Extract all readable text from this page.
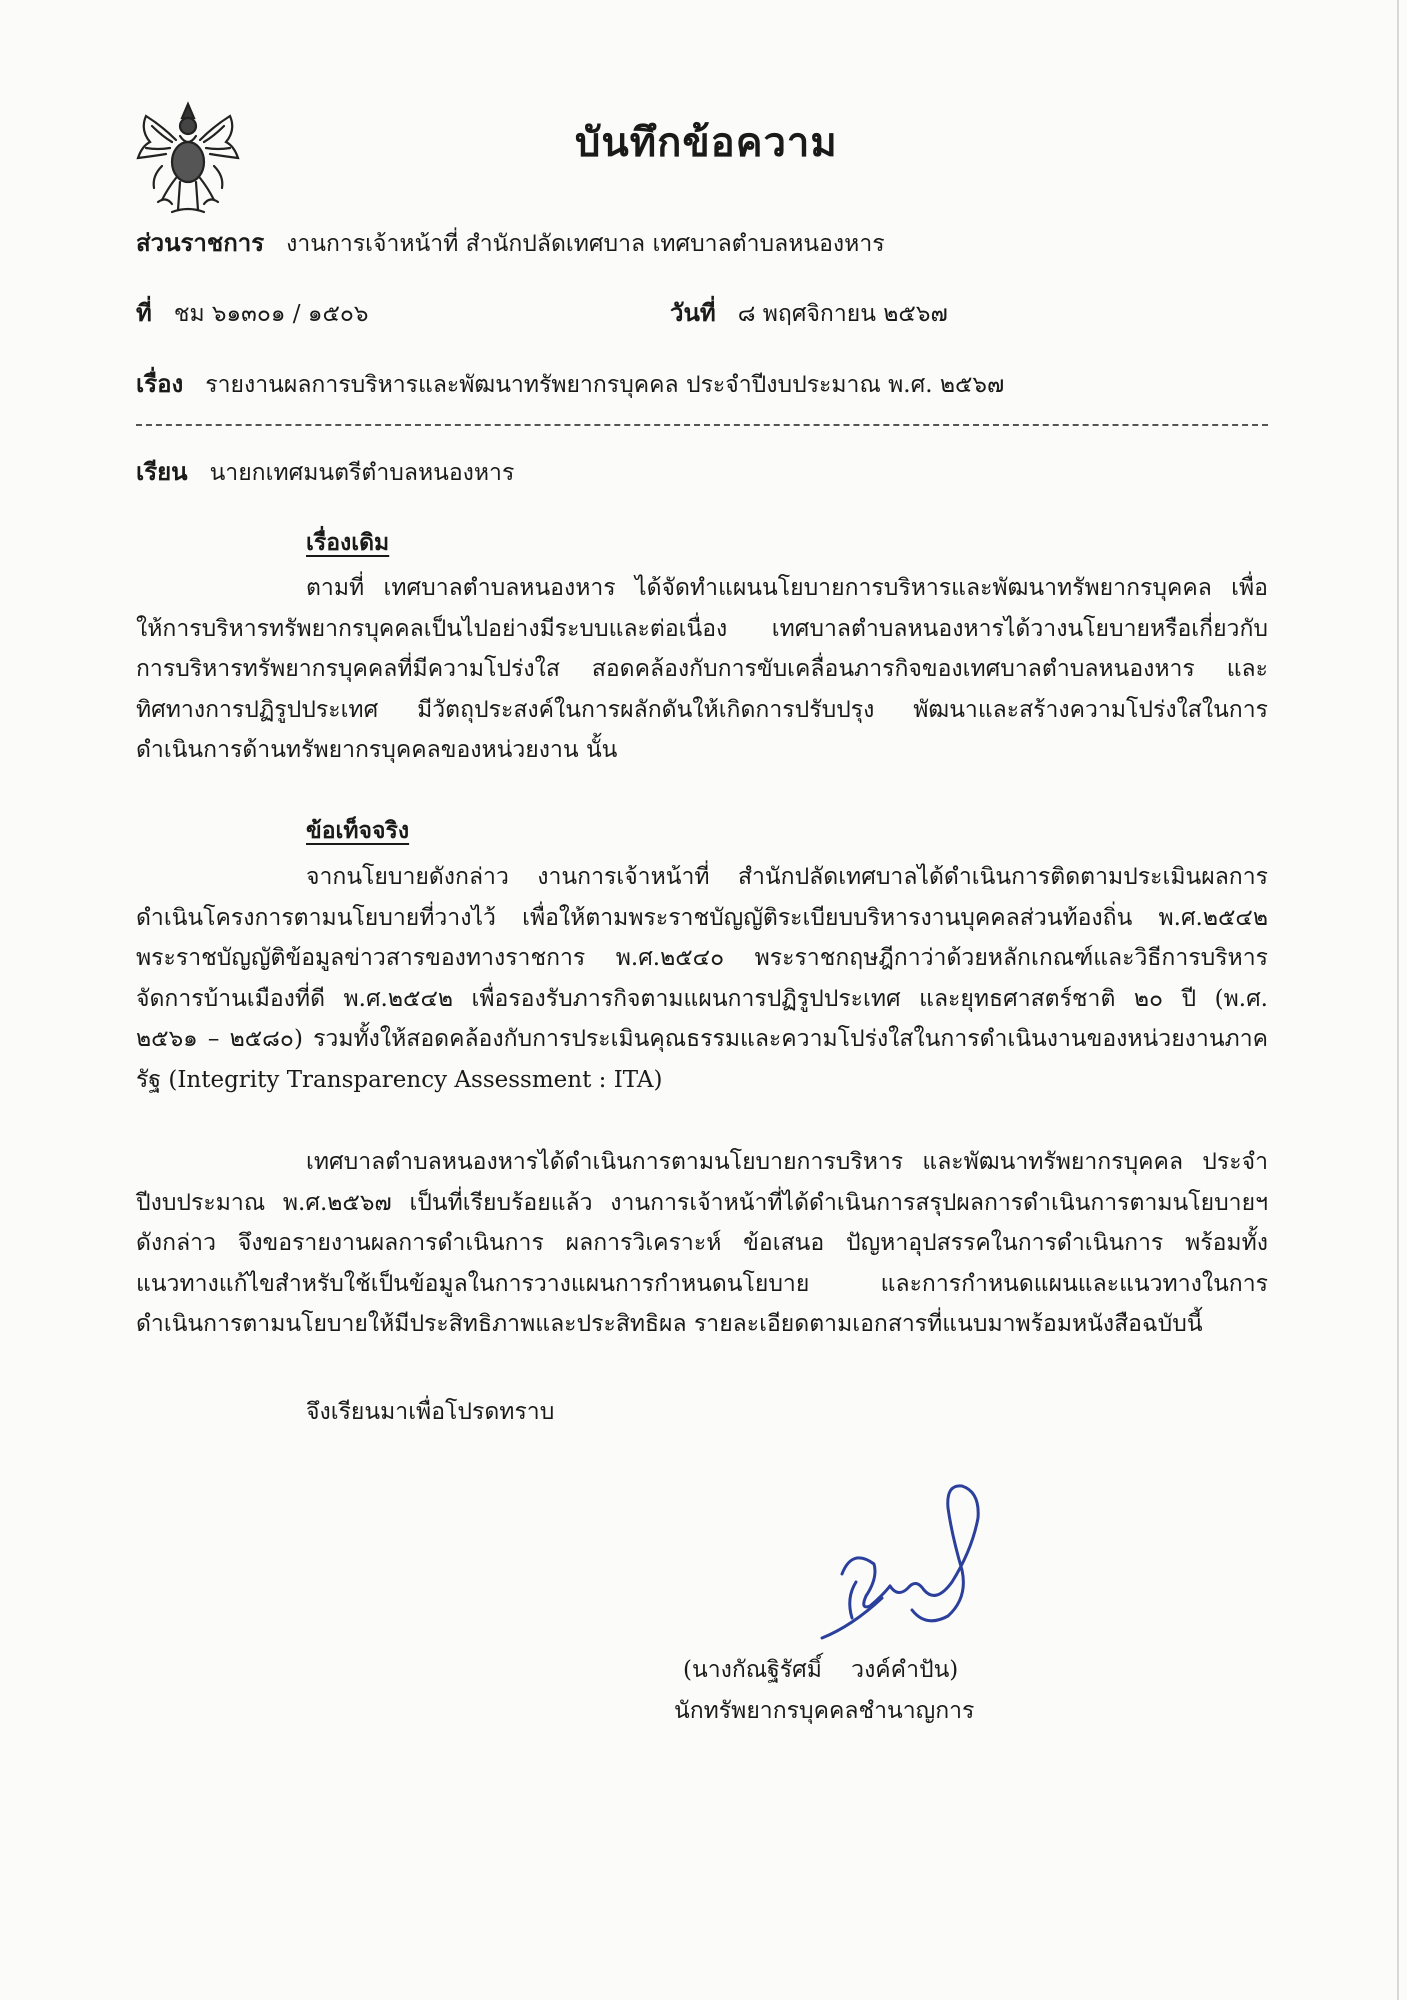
บันทึกข้อความ
ส่วนราชการ งานการเจ้าหน้าที่ สำนักปลัดเทศบาล เทศบาลตำบลหนองหาร
ที่ ชม ๖๑๓๐๑ / ๑๕๐๖	วันที่ ๘ พฤศจิกายน ๒๕๖๗
เรื่อง รายงานผลการบริหารและพัฒนาทรัพยากรบุคคล ประจำปีงบประมาณ พ.ศ. ๒๕๖๗
เรียน นายกเทศมนตรีตำบลหนองหาร
เรื่องเดิม

ตามที่ เทศบาลตำบลหนองหาร ได้จัดทำแผนนโยบายการบริหารและพัฒนาทรัพยากรบุคคล เพื่อให้การบริหารทรัพยากรบุคคลเป็นไปอย่างมีระบบและต่อเนื่อง เทศบาลตำบลหนองหารได้วางนโยบายหรือเกี่ยวกับการบริหารทรัพยากรบุคคลที่มีความโปร่งใส สอดคล้องกับการขับเคลื่อนภารกิจของเทศบาลตำบลหนองหาร และทิศทางการปฏิรูปประเทศ มีวัตถุประสงค์ในการผลักดันให้เกิดการปรับปรุง พัฒนาและสร้างความโปร่งใสในการดำเนินการด้านทรัพยากรบุคคลของหน่วยงาน นั้น

ข้อเท็จจริง

จากนโยบายดังกล่าว งานการเจ้าหน้าที่ สำนักปลัดเทศบาลได้ดำเนินการติดตามประเมินผลการดำเนินโครงการตามนโยบายที่วางไว้ เพื่อให้ตามพระราชบัญญัติระเบียบบริหารงานบุคคลส่วนท้องถิ่น พ.ศ.๒๕๔๒ พระราชบัญญัติข้อมูลข่าวสารของทางราชการ พ.ศ.๒๕๔๐ พระราชกฤษฎีกาว่าด้วยหลักเกณฑ์และวิธีการบริหารจัดการบ้านเมืองที่ดี พ.ศ.๒๕๔๒ เพื่อรองรับภารกิจตามแผนการปฏิรูปประเทศ และยุทธศาสตร์ชาติ ๒๐ ปี (พ.ศ. ๒๕๖๑ – ๒๕๘๐) รวมทั้งให้สอดคล้องกับการประเมินคุณธรรมและความโปร่งใสในการดำเนินงานของหน่วยงานภาครัฐ (Integrity Transparency Assessment : ITA)

เทศบาลตำบลหนองหารได้ดำเนินการตามนโยบายการบริหาร และพัฒนาทรัพยากรบุคคล ประจำปีงบประมาณ พ.ศ.๒๕๖๗ เป็นที่เรียบร้อยแล้ว งานการเจ้าหน้าที่ได้ดำเนินการสรุปผลการดำเนินการตามนโยบายฯ ดังกล่าว จึงขอรายงานผลการดำเนินการ ผลการวิเคราะห์ ข้อเสนอ ปัญหาอุปสรรคในการดำเนินการ พร้อมทั้งแนวทางแก้ไขสำหรับใช้เป็นข้อมูลในการวางแผนการกำหนดนโยบาย และการกำหนดแผนและแนวทางในการดำเนินการตามนโยบายให้มีประสิทธิภาพและประสิทธิผล รายละเอียดตามเอกสารที่แนบมาพร้อมหนังสือฉบับนี้

จึงเรียนมาเพื่อโปรดทราบ
(นางกัณฐิรัศมิ์    วงค์คำปัน)
นักทรัพยากรบุคคลชำนาญการ
